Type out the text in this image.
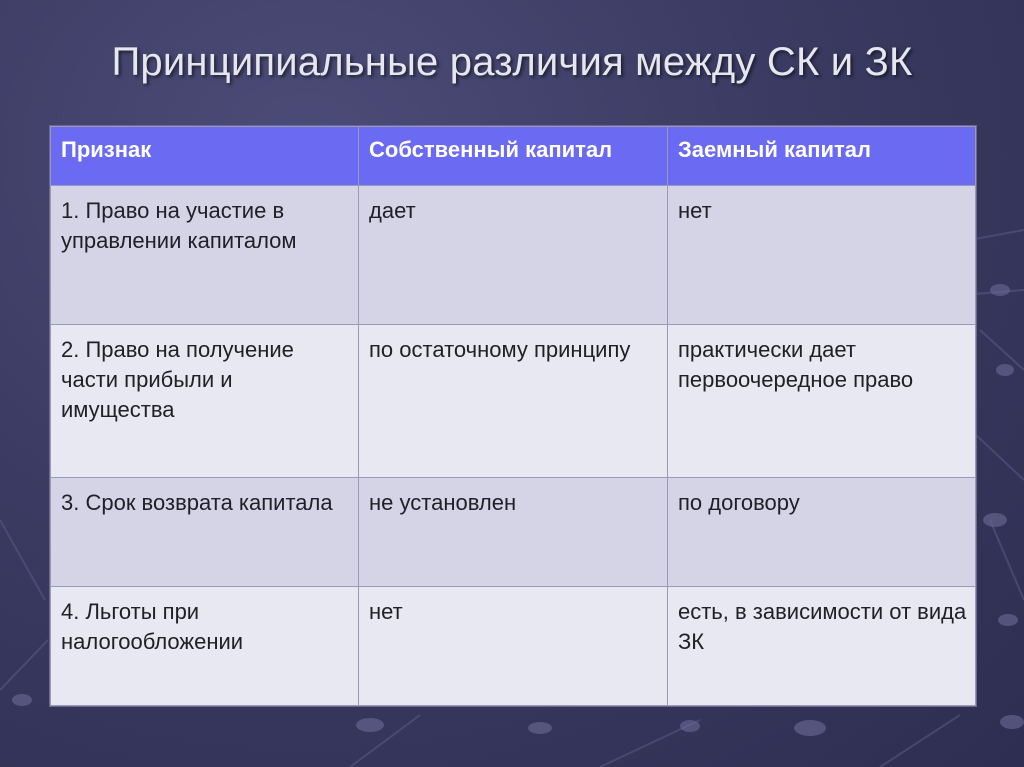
Принципиальные различия между СК и ЗК
Признак	Собственный капитал	Заемный капитал
1. Право на участие в управлении капиталом	дает	нет
2. Право на получение части прибыли и имущества	по остаточному принципу	практически дает первоочередное право
3. Срок возврата капитала	не установлен	по договору
4. Льготы при налогообложении	нет	есть, в зависимости от вида ЗК
